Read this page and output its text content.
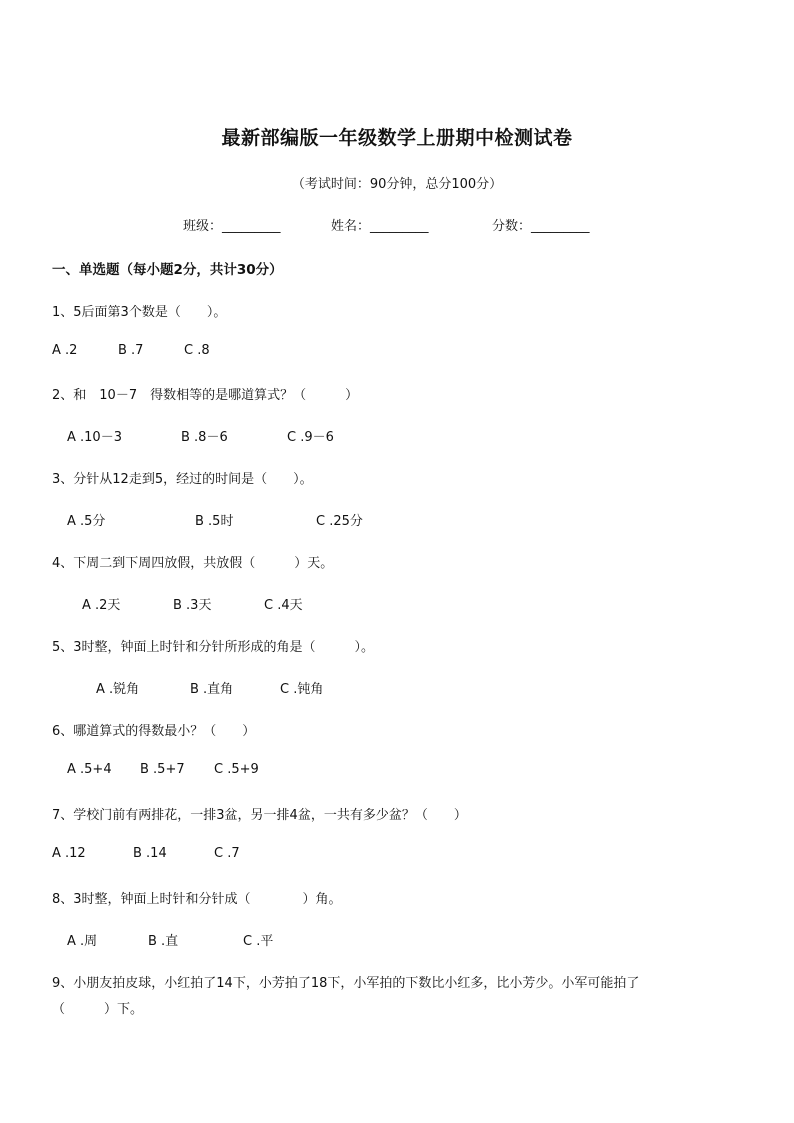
最新部编版一年级数学上册期中检测试卷
（考试时间：90分钟，总分100分）
班级：_________	姓名：_________	分数：_________
一、单选题（每小题2分，共计30分）
1、5后面第3个数是（　　）。
A .2	B .7	C .8
2、和　10－7　得数相等的是哪道算式？（　　　）
A .10－3	B .8－6	C .9－6
3、分针从12走到5，经过的时间是（　　）。
A .5分	B .5时	C .25分
4、下周二到下周四放假，共放假（　　　）天。
A .2天	B .3天	C .4天
5、3时整，钟面上时针和分针所形成的角是（　　　）。
A .锐角	B .直角	C .钝角
6、哪道算式的得数最小？（　　）
A .5+4 B .5+7 C .5+9
7、学校门前有两排花，一排3盆，另一排4盆，一共有多少盆？（　　）
A .12	B .14	C .7
8、3时整，钟面上时针和分针成（　　　　）角。
A .周	B .直	C .平
9、小朋友拍皮球，小红拍了14下，小芳拍了18下，小军拍的下数比小红多，比小芳少。小军可能拍了
（　　　）下。
